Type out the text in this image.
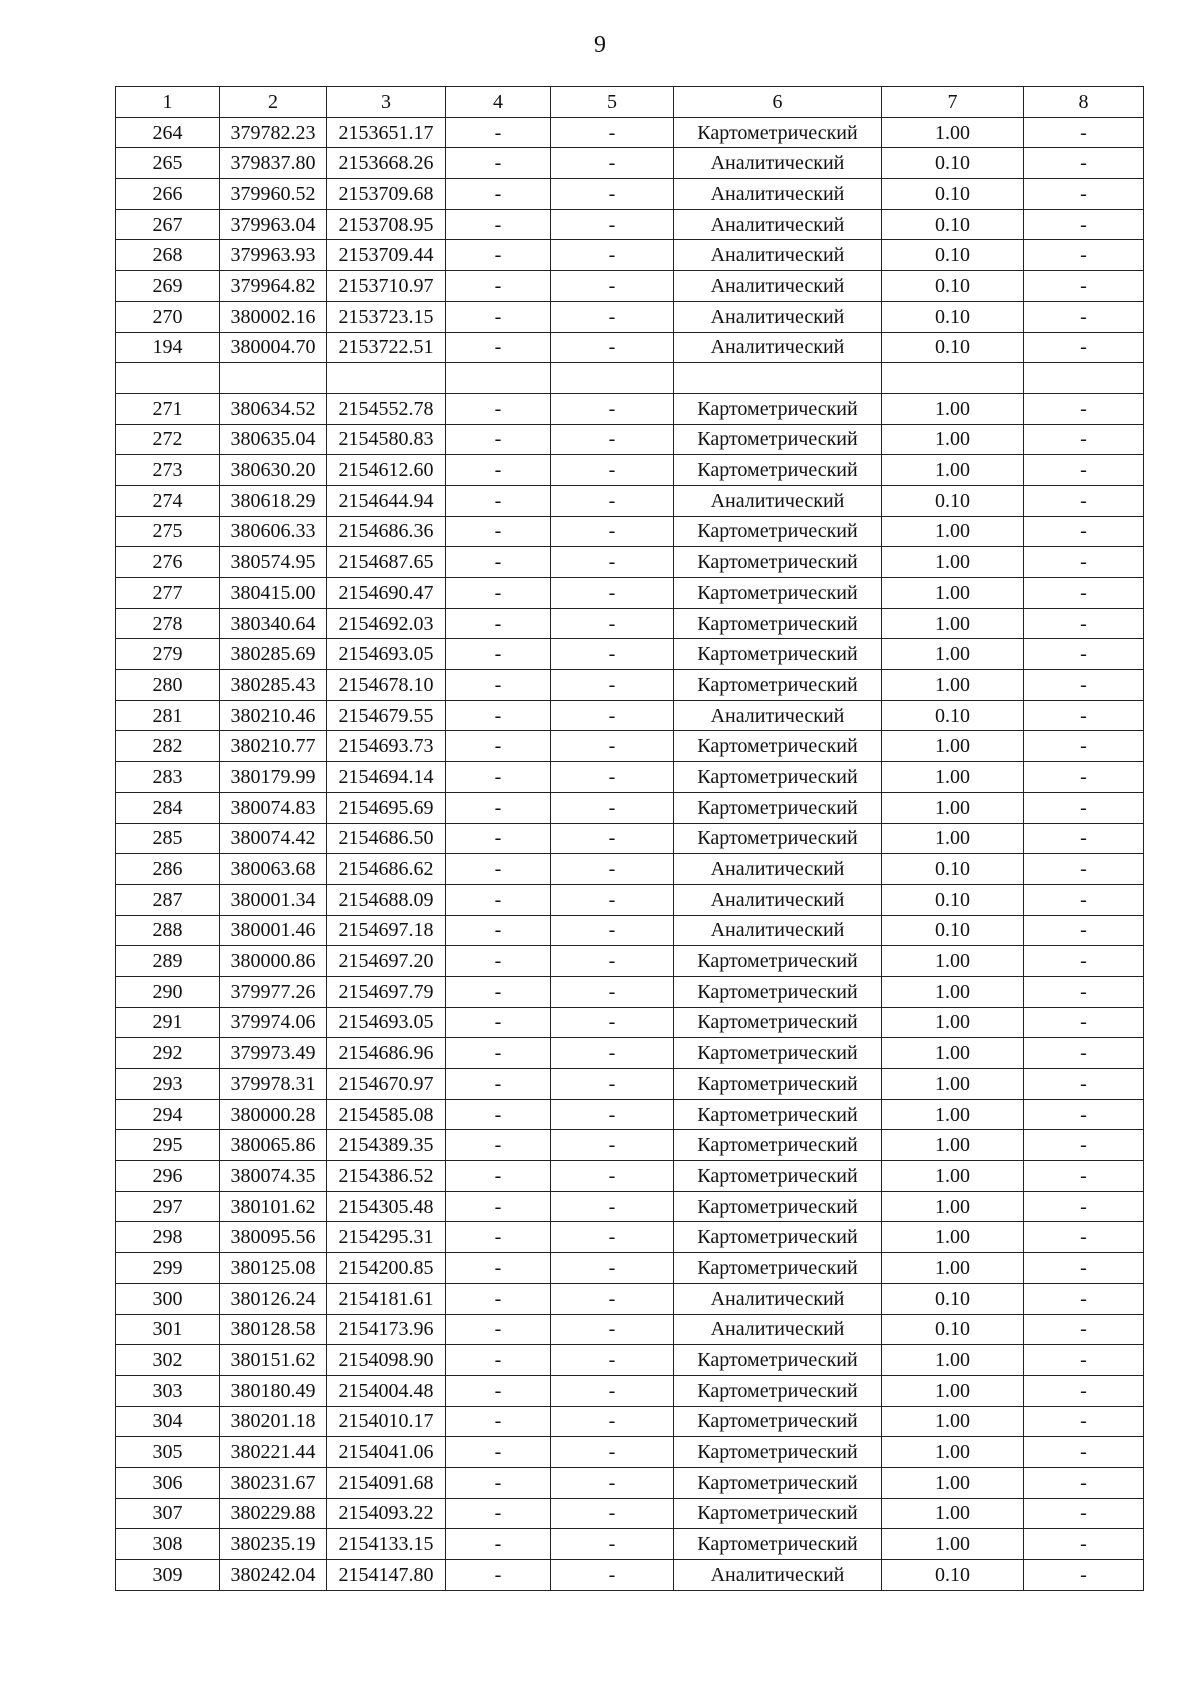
9
1	2	3	4	5	6	7	8
264	379782.23	2153651.17	-	-	Картометрический	1.00	-
265	379837.80	2153668.26	-	-	Аналитический	0.10	-
266	379960.52	2153709.68	-	-	Аналитический	0.10	-
267	379963.04	2153708.95	-	-	Аналитический	0.10	-
268	379963.93	2153709.44	-	-	Аналитический	0.10	-
269	379964.82	2153710.97	-	-	Аналитический	0.10	-
270	380002.16	2153723.15	-	-	Аналитический	0.10	-
194	380004.70	2153722.51	-	-	Аналитический	0.10	-

271	380634.52	2154552.78	-	-	Картометрический	1.00	-
272	380635.04	2154580.83	-	-	Картометрический	1.00	-
273	380630.20	2154612.60	-	-	Картометрический	1.00	-
274	380618.29	2154644.94	-	-	Аналитический	0.10	-
275	380606.33	2154686.36	-	-	Картометрический	1.00	-
276	380574.95	2154687.65	-	-	Картометрический	1.00	-
277	380415.00	2154690.47	-	-	Картометрический	1.00	-
278	380340.64	2154692.03	-	-	Картометрический	1.00	-
279	380285.69	2154693.05	-	-	Картометрический	1.00	-
280	380285.43	2154678.10	-	-	Картометрический	1.00	-
281	380210.46	2154679.55	-	-	Аналитический	0.10	-
282	380210.77	2154693.73	-	-	Картометрический	1.00	-
283	380179.99	2154694.14	-	-	Картометрический	1.00	-
284	380074.83	2154695.69	-	-	Картометрический	1.00	-
285	380074.42	2154686.50	-	-	Картометрический	1.00	-
286	380063.68	2154686.62	-	-	Аналитический	0.10	-
287	380001.34	2154688.09	-	-	Аналитический	0.10	-
288	380001.46	2154697.18	-	-	Аналитический	0.10	-
289	380000.86	2154697.20	-	-	Картометрический	1.00	-
290	379977.26	2154697.79	-	-	Картометрический	1.00	-
291	379974.06	2154693.05	-	-	Картометрический	1.00	-
292	379973.49	2154686.96	-	-	Картометрический	1.00	-
293	379978.31	2154670.97	-	-	Картометрический	1.00	-
294	380000.28	2154585.08	-	-	Картометрический	1.00	-
295	380065.86	2154389.35	-	-	Картометрический	1.00	-
296	380074.35	2154386.52	-	-	Картометрический	1.00	-
297	380101.62	2154305.48	-	-	Картометрический	1.00	-
298	380095.56	2154295.31	-	-	Картометрический	1.00	-
299	380125.08	2154200.85	-	-	Картометрический	1.00	-
300	380126.24	2154181.61	-	-	Аналитический	0.10	-
301	380128.58	2154173.96	-	-	Аналитический	0.10	-
302	380151.62	2154098.90	-	-	Картометрический	1.00	-
303	380180.49	2154004.48	-	-	Картометрический	1.00	-
304	380201.18	2154010.17	-	-	Картометрический	1.00	-
305	380221.44	2154041.06	-	-	Картометрический	1.00	-
306	380231.67	2154091.68	-	-	Картометрический	1.00	-
307	380229.88	2154093.22	-	-	Картометрический	1.00	-
308	380235.19	2154133.15	-	-	Картометрический	1.00	-
309	380242.04	2154147.80	-	-	Аналитический	0.10	-
